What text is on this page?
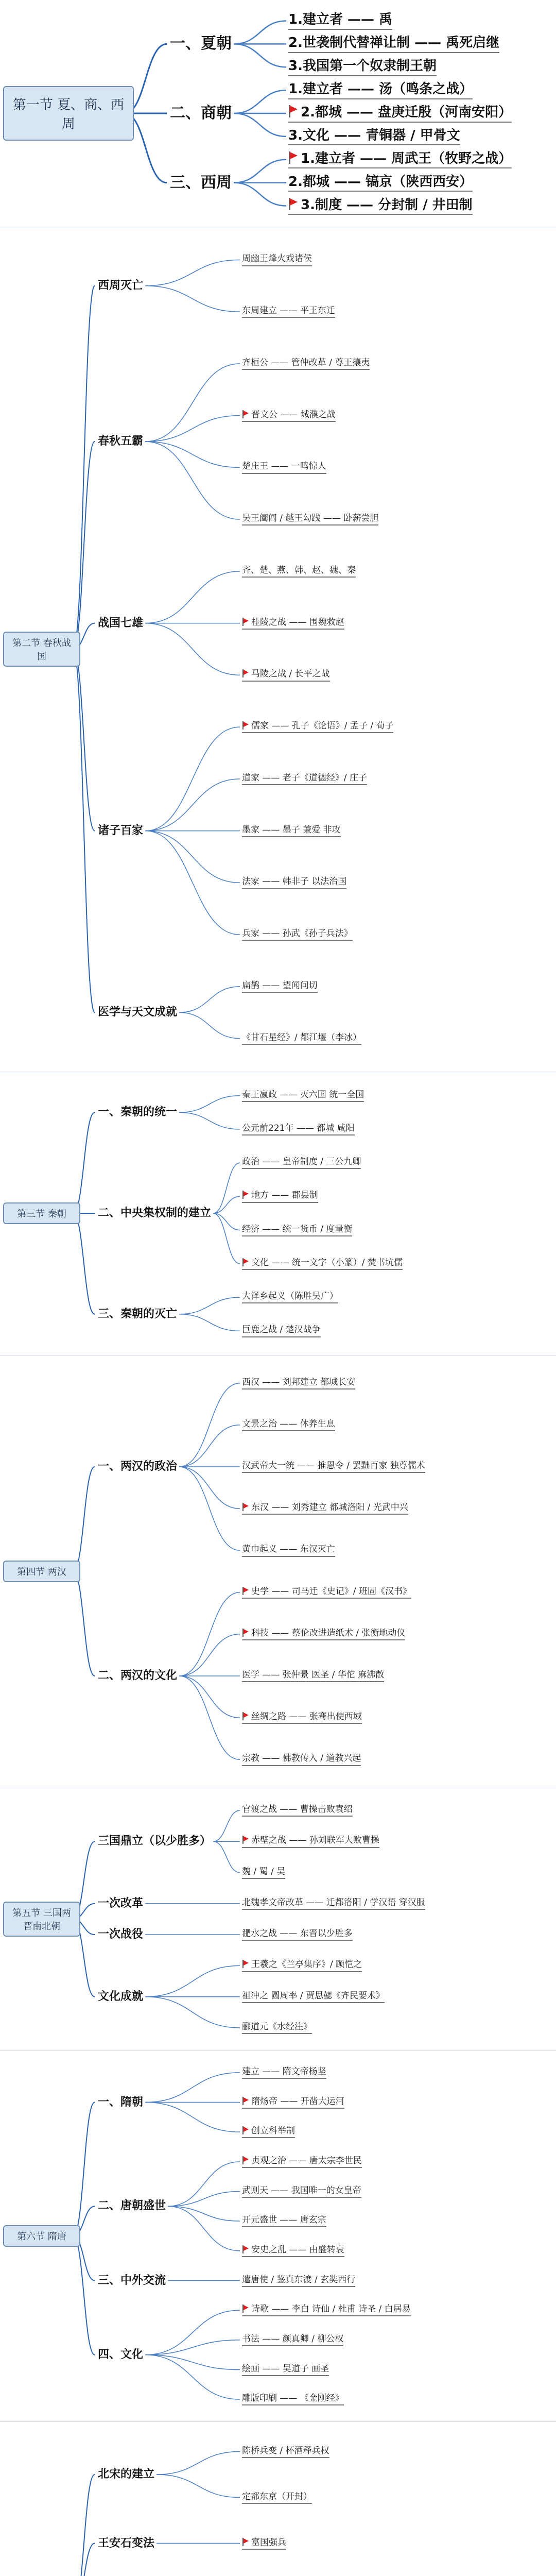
第一节 夏、商、西周
一、夏朝
1.建立者 —— 禹
2.世袭制代替禅让制 —— 禹死启继
3.我国第一个奴隶制王朝
二、商朝
1.建立者 —— 汤（鸣条之战）
2.都城 —— 盘庚迁殷（河南安阳）
3.文化 —— 青铜器 / 甲骨文
三、西周
1.建立者 —— 周武王（牧野之战）
2.都城 —— 镐京（陕西西安）
3.制度 —— 分封制 / 井田制
第二节 春秋战国
西周灭亡
周幽王烽火戏诸侯
东周建立 —— 平王东迁
春秋五霸
齐桓公 —— 管仲改革 / 尊王攘夷
晋文公 —— 城濮之战
楚庄王 —— 一鸣惊人
吴王阖闾 / 越王勾践 —— 卧薪尝胆
战国七雄
齐、楚、燕、韩、赵、魏、秦
桂陵之战 —— 围魏救赵
马陵之战 / 长平之战
诸子百家
儒家 —— 孔子《论语》/ 孟子 / 荀子
道家 —— 老子《道德经》/ 庄子
墨家 —— 墨子 兼爱 非攻
法家 —— 韩非子 以法治国
兵家 —— 孙武《孙子兵法》
医学与天文成就
扁鹊 —— 望闻问切
《甘石星经》/ 都江堰（李冰）
第三节 秦朝
一、秦朝的统一
秦王嬴政 —— 灭六国 统一全国
公元前221年 —— 都城 咸阳
二、中央集权制的建立
政治 —— 皇帝制度 / 三公九卿
地方 —— 郡县制
经济 —— 统一货币 / 度量衡
文化 —— 统一文字（小篆）/ 焚书坑儒
三、秦朝的灭亡
大泽乡起义（陈胜吴广）
巨鹿之战 / 楚汉战争
第四节 两汉
一、两汉的政治
西汉 —— 刘邦建立 都城长安
文景之治 —— 休养生息
汉武帝大一统 —— 推恩令 / 罢黜百家 独尊儒术
东汉 —— 刘秀建立 都城洛阳 / 光武中兴
黄巾起义 —— 东汉灭亡
二、两汉的文化
史学 —— 司马迁《史记》/ 班固《汉书》
科技 —— 蔡伦改进造纸术 / 张衡地动仪
医学 —— 张仲景 医圣 / 华佗 麻沸散
丝绸之路 —— 张骞出使西域
宗教 —— 佛教传入 / 道教兴起
第五节 三国两晋南北朝
三国鼎立（以少胜多）
官渡之战 —— 曹操击败袁绍
赤壁之战 —— 孙刘联军大败曹操
魏 / 蜀 / 吴
一次改革	北魏孝文帝改革 —— 迁都洛阳 / 学汉语 穿汉服
一次战役	淝水之战 —— 东晋以少胜多
文化成就
王羲之《兰亭集序》/ 顾恺之
祖冲之 圆周率 / 贾思勰《齐民要术》
郦道元《水经注》
第六节 隋唐
一、隋朝
建立 —— 隋文帝杨坚
隋炀帝 —— 开凿大运河
创立科举制
二、唐朝盛世
贞观之治 —— 唐太宗李世民
武则天 —— 我国唯一的女皇帝
开元盛世 —— 唐玄宗
安史之乱 —— 由盛转衰
三、中外交流	遣唐使 / 鉴真东渡 / 玄奘西行
四、文化
诗歌 —— 李白 诗仙 / 杜甫 诗圣 / 白居易
书法 —— 颜真卿 / 柳公权
绘画 —— 吴道子 画圣
雕版印刷 —— 《金刚经》
北宋的建立
陈桥兵变 / 杯酒释兵权
定都东京（开封）
王安石变法	富国强兵
